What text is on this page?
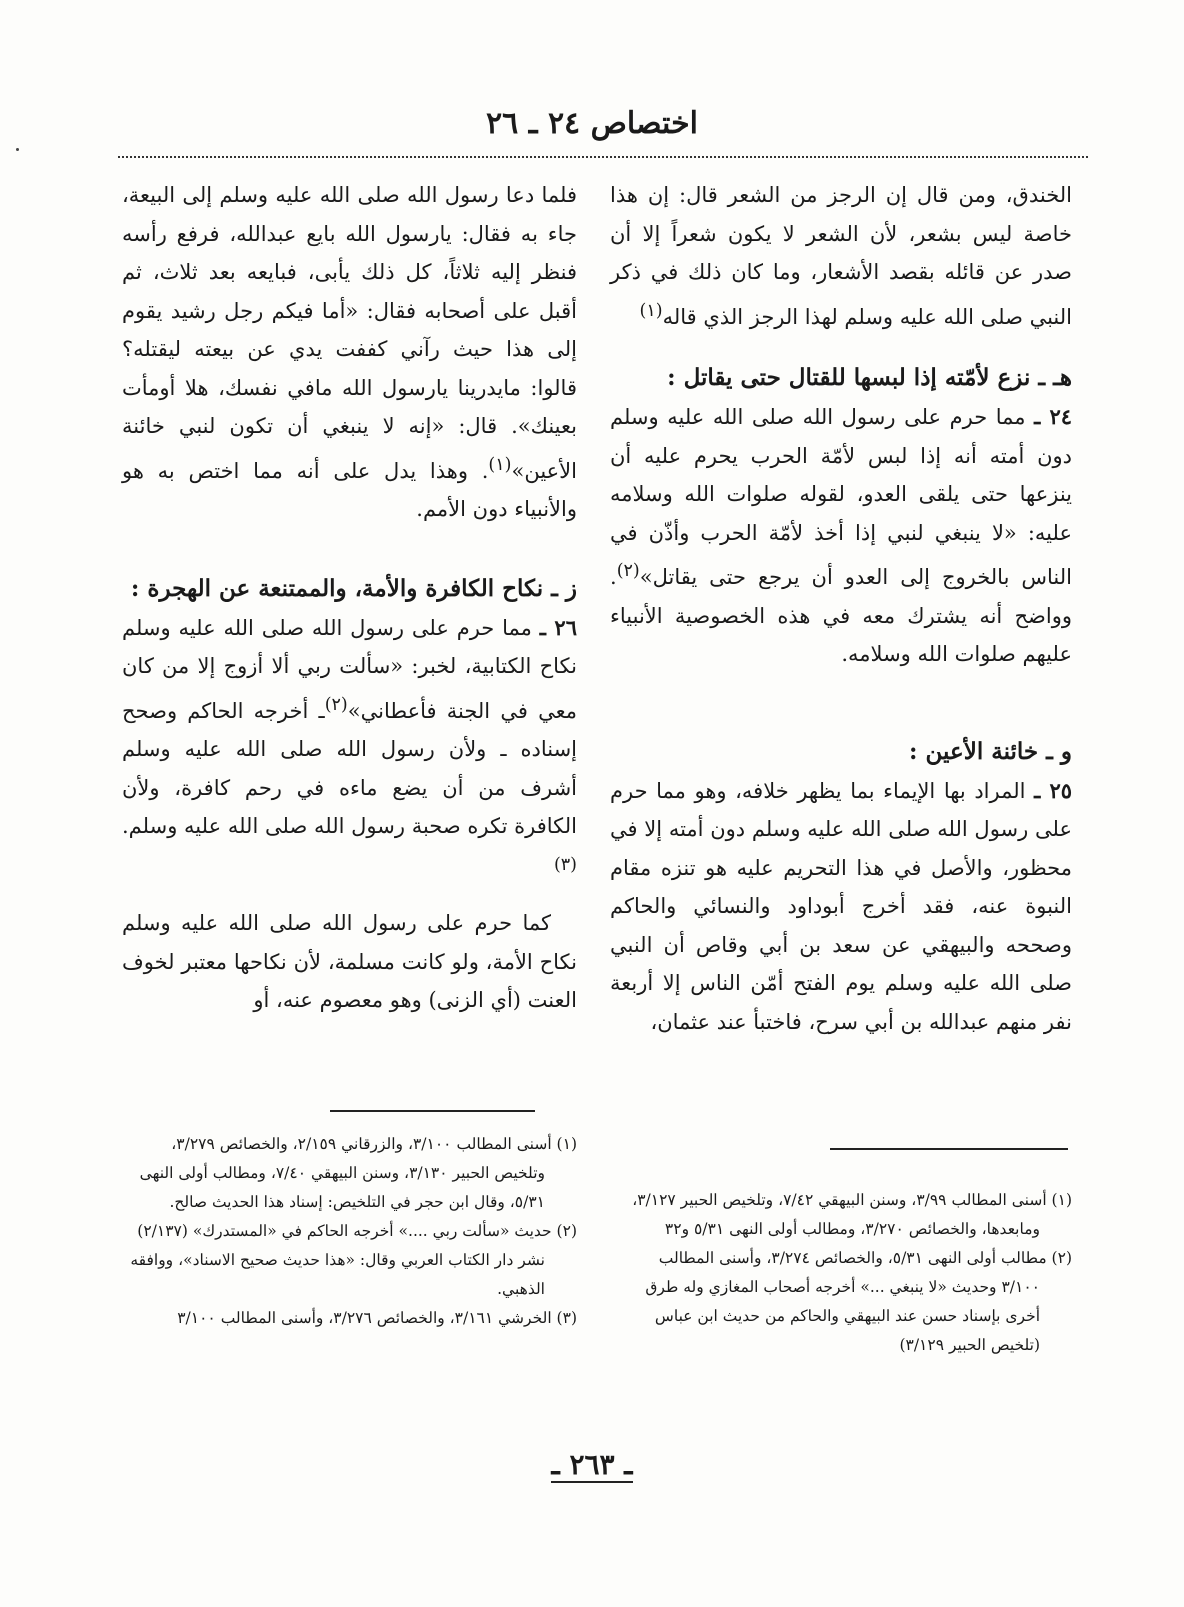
اختصاص ٢٤ ـ ٢٦

الخندق، ومن قال إن الرجز من الشعر قال: إن هذا خاصة ليس بشعر، لأن الشعر لا يكون شعراً إلا أن صدر عن قائله بقصد الأشعار، وما كان ذلك في ذكر النبي صلى الله عليه وسلم لهذا الرجز الذي قاله$^{(١)}$

هـ ـ نزع لأمّته إذا لبسها للقتال حتى يقاتل :

٢٤ ـ مما حرم على رسول الله صلى الله عليه وسلم دون أمته أنه إذا لبس لأمّة الحرب يحرم عليه أن ينزعها حتى يلقى العدو، لقوله صلوات الله وسلامه عليه: «لا ينبغي لنبي إذا أخذ لأمّة الحرب وأذّن في الناس بالخروج إلى العدو أن يرجع حتى يقاتل»$^{(٢)}$. وواضح أنه يشترك معه في هذه الخصوصية الأنبياء عليهم صلوات الله وسلامه.

و ـ خائنة الأعين :

٢٥ ـ المراد بها الإيماء بما يظهر خلافه، وهو مما حرم على رسول الله صلى الله عليه وسلم دون أمته إلا في محظور، والأصل في هذا التحريم عليه هو تنزه مقام النبوة عنه، فقد أخرج أبوداود والنسائي والحاكم وصححه والبيهقي عن سعد بن أبي وقاص أن النبي صلى الله عليه وسلم يوم الفتح أمّن الناس إلا أربعة نفر منهم عبدالله بن أبي سرح، فاختبأ عند عثمان،

فلما دعا رسول الله صلى الله عليه وسلم إلى البيعة، جاء به فقال: يارسول الله بايع عبدالله، فرفع رأسه فنظر إليه ثلاثاً، كل ذلك يأبى، فبايعه بعد ثلاث، ثم أقبل على أصحابه فقال: «أما فيكم رجل رشيد يقوم إلى هذا حيث رآني كففت يدي عن بيعته ليقتله؟ قالوا: مايدرينا يارسول الله مافي نفسك، هلا أومأت بعينك». قال: «إنه لا ينبغي أن تكون لنبي خائنة الأعين»$^{(١)}$. وهذا يدل على أنه مما اختص به هو والأنبياء دون الأمم.

ز ـ نكاح الكافرة والأمة، والممتنعة عن الهجرة :

٢٦ ـ مما حرم على رسول الله صلى الله عليه وسلم نكاح الكتابية، لخبر: «سألت ربي ألا أزوج إلا من كان معي في الجنة فأعطاني»$^{(٢)}$ـ أخرجه الحاكم وصحح إسناده ـ ولأن رسول الله صلى الله عليه وسلم أشرف من أن يضع ماءه في رحم كافرة، ولأن الكافرة تكره صحبة رسول الله صلى الله عليه وسلم.$^{(٣)}$

كما حرم على رسول الله صلى الله عليه وسلم نكاح الأمة، ولو كانت مسلمة، لأن نكاحها معتبر لخوف العنت (أي الزنى) وهو معصوم عنه، أو

(١) أسنى المطالب ٣/١٠٠، والزرقاني ٢/١٥٩، والخصائص ٣/٢٧٩، وتلخيص الحبير ٣/١٣٠، وسنن البيهقي ٧/٤٠، ومطالب أولى النهى ٥/٣١، وقال ابن حجر في التلخيص: إسناد هذا الحديث صالح.

(٢) حديث «سألت ربي ....» أخرجه الحاكم في «المستدرك» (٢/١٣٧) نشر دار الكتاب العربي وقال: «هذا حديث صحيح الاسناد»، ووافقه الذهبي.

(٣) الخرشي ٣/١٦١، والخصائص ٣/٢٧٦، وأسنى المطالب ٣/١٠٠

(١) أسنى المطالب ٣/٩٩، وسنن البيهقي ٧/٤٢، وتلخيص الحبير ٣/١٢٧، ومابعدها، والخصائص ٣/٢٧٠، ومطالب أولى النهى ٥/٣١ و٣٢

(٢) مطالب أولى النهى ٥/٣١، والخصائص ٣/٢٧٤، وأسنى المطالب ٣/١٠٠ وحديث «لا ينبغي ...» أخرجه أصحاب المغازي وله طرق أخرى بإسناد حسن عند البيهقي والحاكم من حديث ابن عباس (تلخيص الحبير ٣/١٢٩)

ـ ٢٦٣ ـ
